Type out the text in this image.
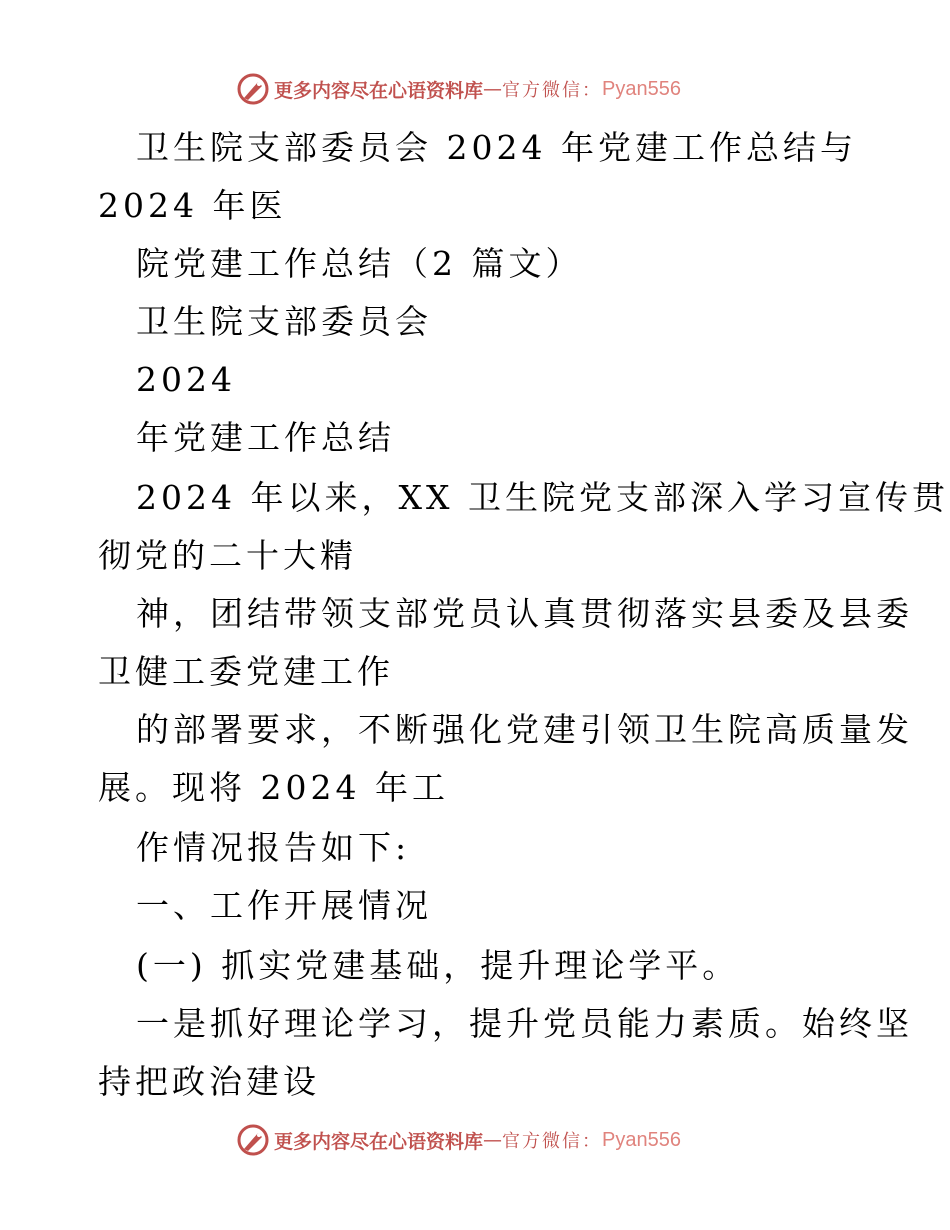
更多内容尽在心语资料库 — 官方微信： Pyan556
卫生院支部委员会 2024 年党建工作总结与
2024 年医
院党建工作总结（2 篇文）
卫生院支部委员会
2024
年党建工作总结
2024 年以来，XX 卫生院党支部深入学习宣传贯
彻党的二十大精
神，团结带领支部党员认真贯彻落实县委及县委
卫健工委党建工作
的部署要求，不断强化党建引领卫生院高质量发
展。现将 2024 年工
作情况报告如下:
一、工作开展情况
(一) 抓实党建基础，提升理论学平。
一是抓好理论学习，提升党员能力素质。始终坚
持把政治建设
更多内容尽在心语资料库 — 官方微信： Pyan556
